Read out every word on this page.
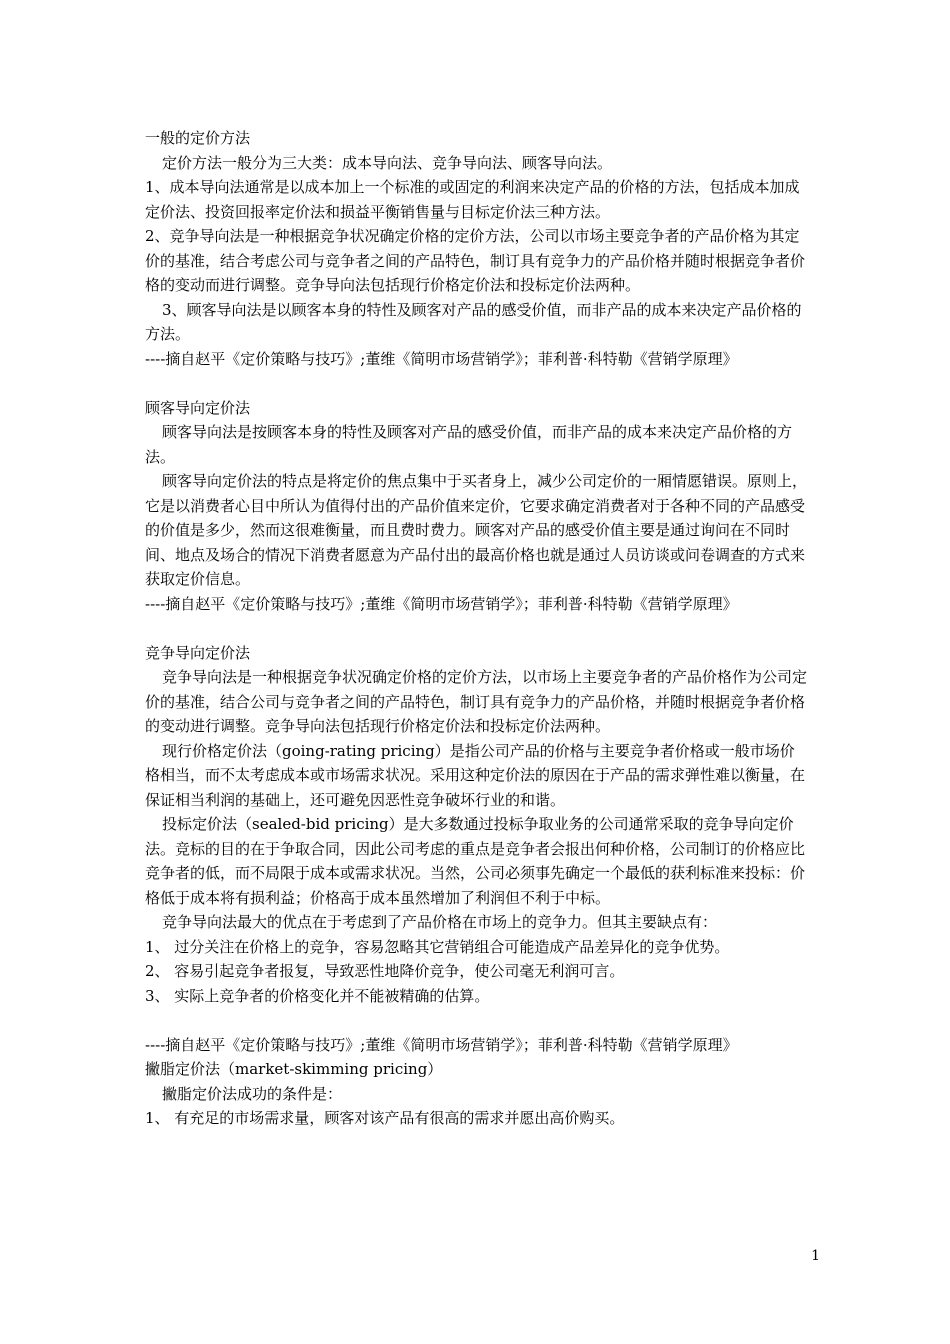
一般的定价方法

定价方法一般分为三大类：成本导向法、竞争导向法、顾客导向法。

1、成本导向法通常是以成本加上一个标准的或固定的利润来决定产品的价格的方法，包括成本加成定价法、投资回报率定价法和损益平衡销售量与目标定价法三种方法。

2、竞争导向法是一种根据竞争状况确定价格的定价方法，公司以市场主要竞争者的产品价格为其定价的基准，结合考虑公司与竞争者之间的产品特色，制订具有竞争力的产品价格并随时根据竞争者价格的变动而进行调整。竞争导向法包括现行价格定价法和投标定价法两种。

3、顾客导向法是以顾客本身的特性及顾客对产品的感受价值，而非产品的成本来决定产品价格的方法。

----摘自赵平《定价策略与技巧》;董维《简明市场营销学》；菲利普·科特勒《营销学原理》

顾客导向定价法

顾客导向法是按顾客本身的特性及顾客对产品的感受价值，而非产品的成本来决定产品价格的方法。

顾客导向定价法的特点是将定价的焦点集中于买者身上，减少公司定价的一厢情愿错误。原则上，它是以消费者心目中所认为值得付出的产品价值来定价，它要求确定消费者对于各种不同的产品感受的价值是多少，然而这很难衡量，而且费时费力。顾客对产品的感受价值主要是通过询问在不同时间、地点及场合的情况下消费者愿意为产品付出的最高价格也就是通过人员访谈或问卷调查的方式来获取定价信息。

----摘自赵平《定价策略与技巧》;董维《简明市场营销学》；菲利普·科特勒《营销学原理》

竞争导向定价法

竞争导向法是一种根据竞争状况确定价格的定价方法，以市场上主要竞争者的产品价格作为公司定价的基准，结合公司与竞争者之间的产品特色，制订具有竞争力的产品价格，并随时根据竞争者价格的变动进行调整。竞争导向法包括现行价格定价法和投标定价法两种。

现行价格定价法（going-rating pricing）是指公司产品的价格与主要竞争者价格或一般市场价格相当，而不太考虑成本或市场需求状况。采用这种定价法的原因在于产品的需求弹性难以衡量，在保证相当利润的基础上，还可避免因恶性竞争破坏行业的和谐。

投标定价法（sealed-bid pricing）是大多数通过投标争取业务的公司通常采取的竞争导向定价法。竞标的目的在于争取合同，因此公司考虑的重点是竞争者会报出何种价格，公司制订的价格应比竞争者的低，而不局限于成本或需求状况。当然，公司必须事先确定一个最低的获利标准来投标：价格低于成本将有损利益；价格高于成本虽然增加了利润但不利于中标。

竞争导向法最大的优点在于考虑到了产品价格在市场上的竞争力。但其主要缺点有：

1、 过分关注在价格上的竞争，容易忽略其它营销组合可能造成产品差异化的竞争优势。

2、 容易引起竞争者报复，导致恶性地降价竞争，使公司毫无利润可言。

3、 实际上竞争者的价格变化并不能被精确的估算。

----摘自赵平《定价策略与技巧》;董维《简明市场营销学》；菲利普·科特勒《营销学原理》

撇脂定价法（market-skimming pricing）

撇脂定价法成功的条件是：

1、 有充足的市场需求量，顾客对该产品有很高的需求并愿出高价购买。

1
